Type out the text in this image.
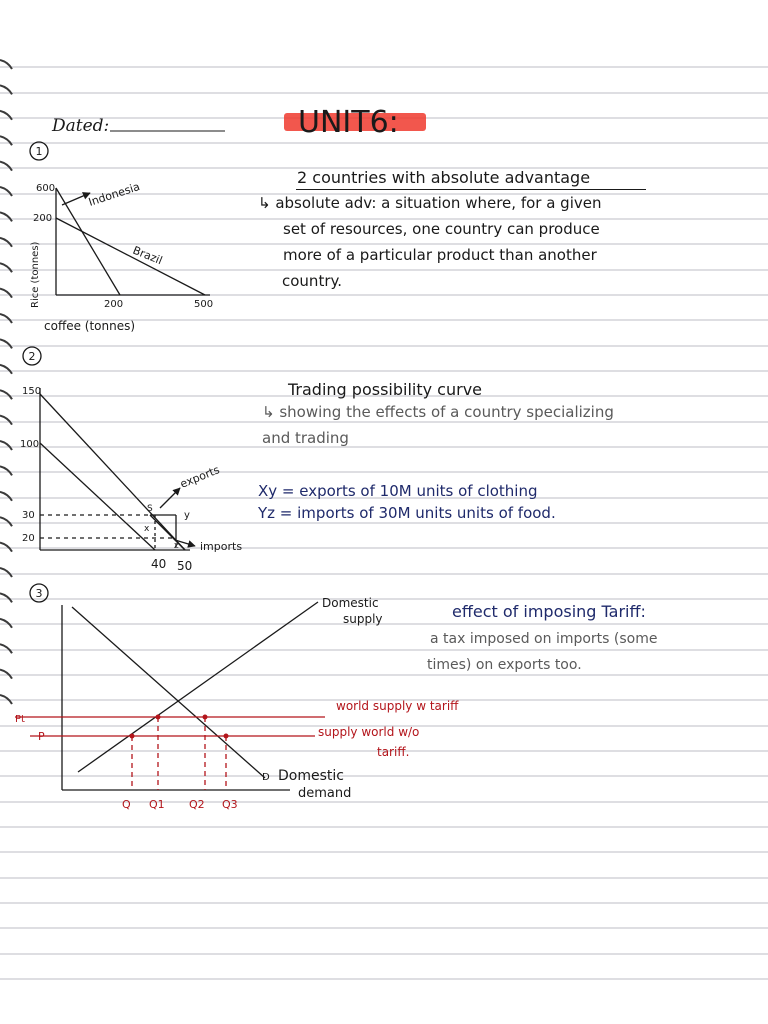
Dated:	UNIT6:
1
2
3
600
200
200	500
Rice (tonnes)
coffee (tonnes)
Indonesia
Brazil
150
100
30
20
40 50
S
y
x
z
exports
imports
Domestic
supply
D Domestic
demand
Pt
P
world supply w tariff
supply world w/o
tariff.
Q Q1 Q2 Q3
2 countries with absolute advantage
↳ absolute adv: a situation where, for a given
set of resources, one country can produce
more of a particular product than another
country.
Trading possibility curve
↳ showing the effects of a country specializing
and trading
Xy = exports of 10M units of clothing
Yz = imports of 30M units units of food.
effect of imposing Tariff:
a tax imposed on imports (some
times) on exports too.
